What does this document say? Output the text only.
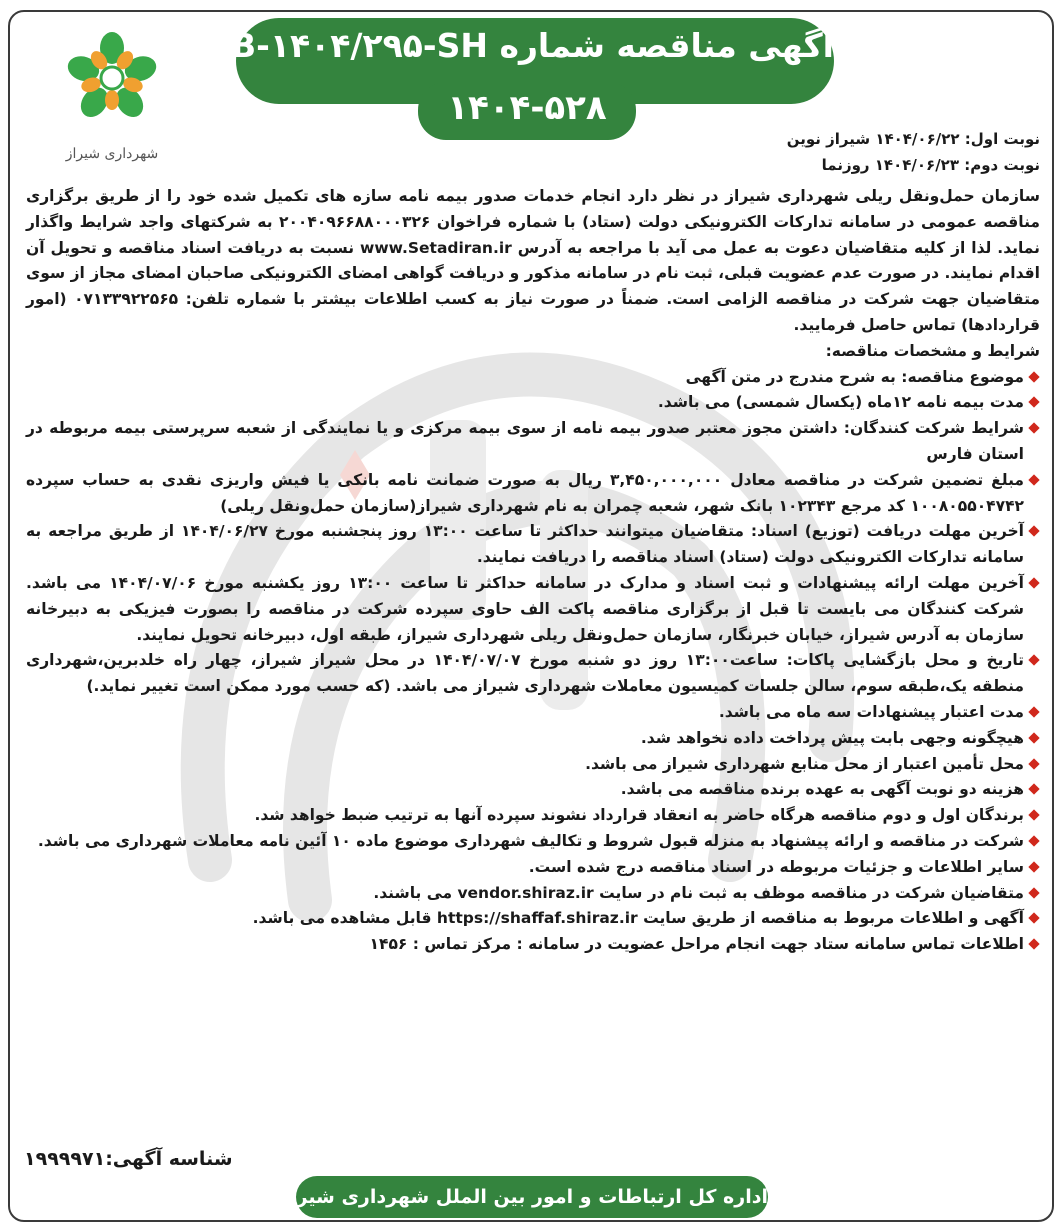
شهرداری شیراز
آگهی مناقصه شماره B-۱۴۰۴/۲۹۵-SH
۱۴۰۴-۵۲۸
نوبت اول: ۱۴۰۴/۰۶/۲۲ شیراز نوین
نوبت دوم: ۱۴۰۴/۰۶/۲۳ روزنما

سازمان حمل‌ونقل ریلی شهرداری شیراز در نظر دارد انجام خدمات صدور بیمه نامه سازه های تکمیل شده خود را از طریق برگزاری مناقصه عمومی در سامانه تدارکات الکترونیکی دولت (ستاد) با شماره فراخوان ۲۰۰۴۰۹۶۶۸۸۰۰۰۳۲۶ به شرکتهای واجد شرایط واگذار نماید. لذا از کلیه متقاضیان دعوت به عمل می آید با مراجعه به آدرس www.Setadiran.ir نسبت به دریافت اسناد مناقصه و تحویل آن اقدام نمایند. در صورت عدم عضویت قبلی، ثبت نام در سامانه مذکور و دریافت گواهی امضای الکترونیکی صاحبان امضای مجاز از سوی متقاضیان جهت شرکت در مناقصه الزامی است. ضمناً در صورت نیاز به کسب اطلاعات بیشتر با شماره تلفن: ۰۷۱۳۳۹۲۲۵۶۵ (امور قراردادها) تماس حاصل فرمایید.

شرایط و مشخصات مناقصه:

موضوع مناقصه: به شرح مندرج در متن آگهی
مدت بیمه نامه ۱۲ماه (یکسال شمسی) می باشد.
شرایط شرکت کنندگان: داشتن مجوز معتبر صدور بیمه نامه از سوی بیمه مرکزی و یا نمایندگی از شعبه سرپرستی بیمه مربوطه در استان فارس
مبلغ تضمین شرکت در مناقصه معادل ۳,۴۵۰,۰۰۰,۰۰۰ ریال به صورت ضمانت نامه بانکی یا فیش واریزی نقدی به حساب سپرده ۱۰۰۸۰۵۵۰۴۷۴۲ کد مرجع ۱۰۲۳۴۳ بانک شهر، شعبه چمران به نام شهرداری شیراز(سازمان حمل‌ونقل ریلی)
آخرین مهلت دریافت (توزیع) اسناد: متقاضیان میتوانند حداکثر تا ساعت ۱۳:۰۰ روز پنجشنبه مورخ ۱۴۰۴/۰۶/۲۷ از طریق مراجعه به سامانه تدارکات الکترونیکی دولت (ستاد) اسناد مناقصه را دریافت نمایند.
آخرین مهلت ارائه پیشنهادات و ثبت اسناد و مدارک در سامانه حداکثر تا ساعت ۱۳:۰۰ روز یکشنبه مورخ ۱۴۰۴/۰۷/۰۶ می باشد. شرکت کنندگان می بایست تا قبل از برگزاری مناقصه پاکت الف حاوی سپرده شرکت در مناقصه را بصورت فیزیکی به دبیرخانه سازمان به آدرس شیراز، خیابان خبرنگار، سازمان حمل‌ونقل ریلی شهرداری شیراز، طبقه اول، دبیرخانه تحویل نمایند.
تاریخ و محل بازگشایی پاکات: ساعت۱۳:۰۰ روز دو شنبه مورخ ۱۴۰۴/۰۷/۰۷ در محل شیراز شیراز، چهار راه خلدبرین،شهرداری منطقه یک،طبقه سوم، سالن جلسات کمیسیون معاملات شهرداری شیراز می باشد. (که حسب مورد ممکن است تغییر نماید.)
مدت اعتبار پیشنهادات سه ماه می باشد.
هیچگونه وجهی بابت پیش پرداخت داده نخواهد شد.
محل تأمین اعتبار از محل منابع شهرداری شیراز می باشد.
هزینه دو نوبت آگهی به عهده برنده مناقصه می باشد.
برندگان اول و دوم مناقصه هرگاه حاضر به انعقاد قرارداد نشوند سپرده آنها به ترتیب ضبط خواهد شد.
شرکت در مناقصه و ارائه پیشنهاد به منزله قبول شروط و تکالیف شهرداری موضوع ماده ۱۰ آئین نامه معاملات شهرداری می باشد.
سایر اطلاعات و جزئیات مربوطه در اسناد مناقصه درج شده است.
متقاضیان شرکت در مناقصه موظف به ثبت نام در سایت vendor.shiraz.ir می باشند.
آگهی و اطلاعات مربوط به مناقصه از طریق سایت https://shaffaf.shiraz.ir قابل مشاهده می باشد.
اطلاعات تماس سامانه ستاد جهت انجام مراحل عضویت در سامانه : مرکز تماس : ۱۴۵۶
شناسه آگهی:۱۹۹۹۹۷۱
اداره کل ارتباطات و امور بین الملل شهرداری شیراز
